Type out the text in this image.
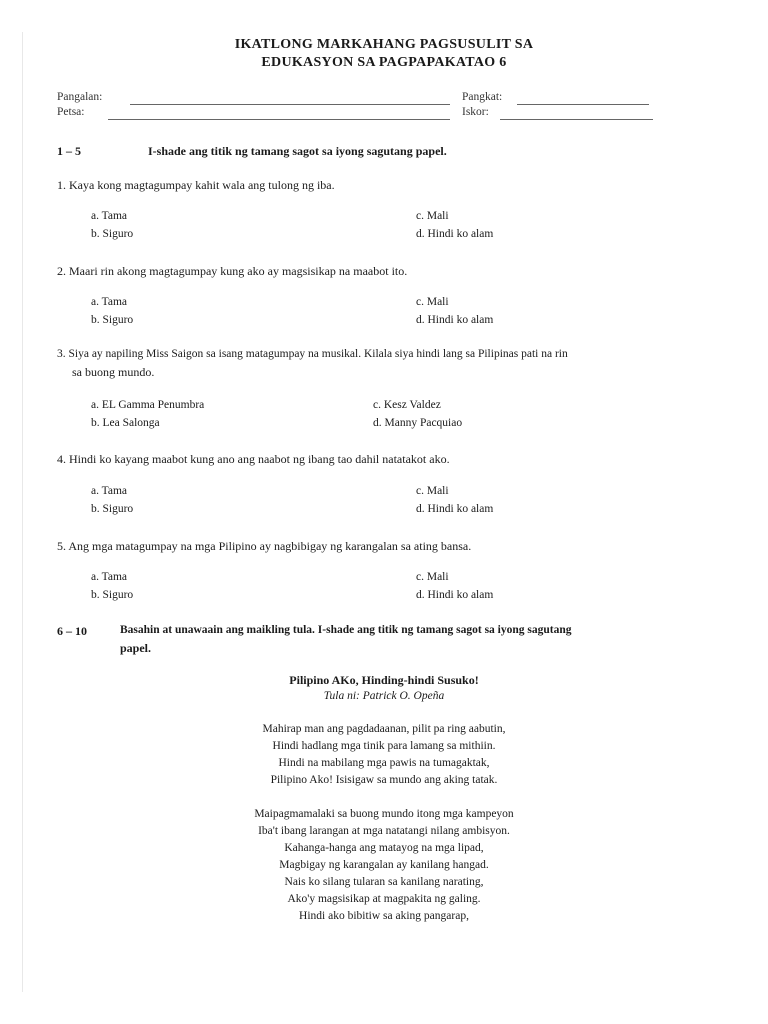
IKATLONG MARKAHANG PAGSUSULIT SA
EDUKASYON SA PAGPAPAKATAO 6
Pangalan:
Petsa:
Pangkat:
Iskor:
1 – 5	I-shade ang titik ng tamang sagot sa iyong sagutang papel.
1. Kaya kong magtagumpay kahit wala ang tulong ng iba.
a. Tama
b. Siguro
c. Mali
d. Hindi ko alam
2. Maari rin akong magtagumpay kung ako ay magsisikap na maabot ito.
a. Tama
b. Siguro
c. Mali
d. Hindi ko alam
3. Siya ay napiling Miss Saigon sa isang matagumpay na musikal. Kilala siya hindi lang sa Pilipinas pati na rin
sa buong mundo.
a. EL Gamma Penumbra
b. Lea Salonga
c. Kesz Valdez
d. Manny Pacquiao
4. Hindi ko kayang maabot kung ano ang naabot ng ibang tao dahil natatakot ako.
a. Tama
b. Siguro
c. Mali
d. Hindi ko alam
5. Ang mga matagumpay na mga Pilipino ay nagbibigay ng karangalan sa ating bansa.
a. Tama
b. Siguro
c. Mali
d. Hindi ko alam
6 – 10	Basahin at unawaain ang maikling tula. I-shade ang titik ng tamang sagot sa iyong sagutang
papel.
Pilipino AKo, Hinding-hindi Susuko!
Tula ni: Patrick O. Opeña
Mahirap man ang pagdadaanan, pilit pa ring aabutin,
Hindi hadlang mga tinik para lamang sa mithiin.
Hindi na mabilang mga pawis na tumagaktak,
Pilipino Ako! Isisigaw sa mundo ang aking tatak.
Maipagmamalaki sa buong mundo itong mga kampeyon
Iba't ibang larangan at mga natatangi nilang ambisyon.
Kahanga-hanga ang matayog na mga lipad,
Magbigay ng karangalan ay kanilang hangad.
Nais ko silang tularan sa kanilang narating,
Ako'y magsisikap at magpakita ng galing.
Hindi ako bibitiw sa aking pangarap,
